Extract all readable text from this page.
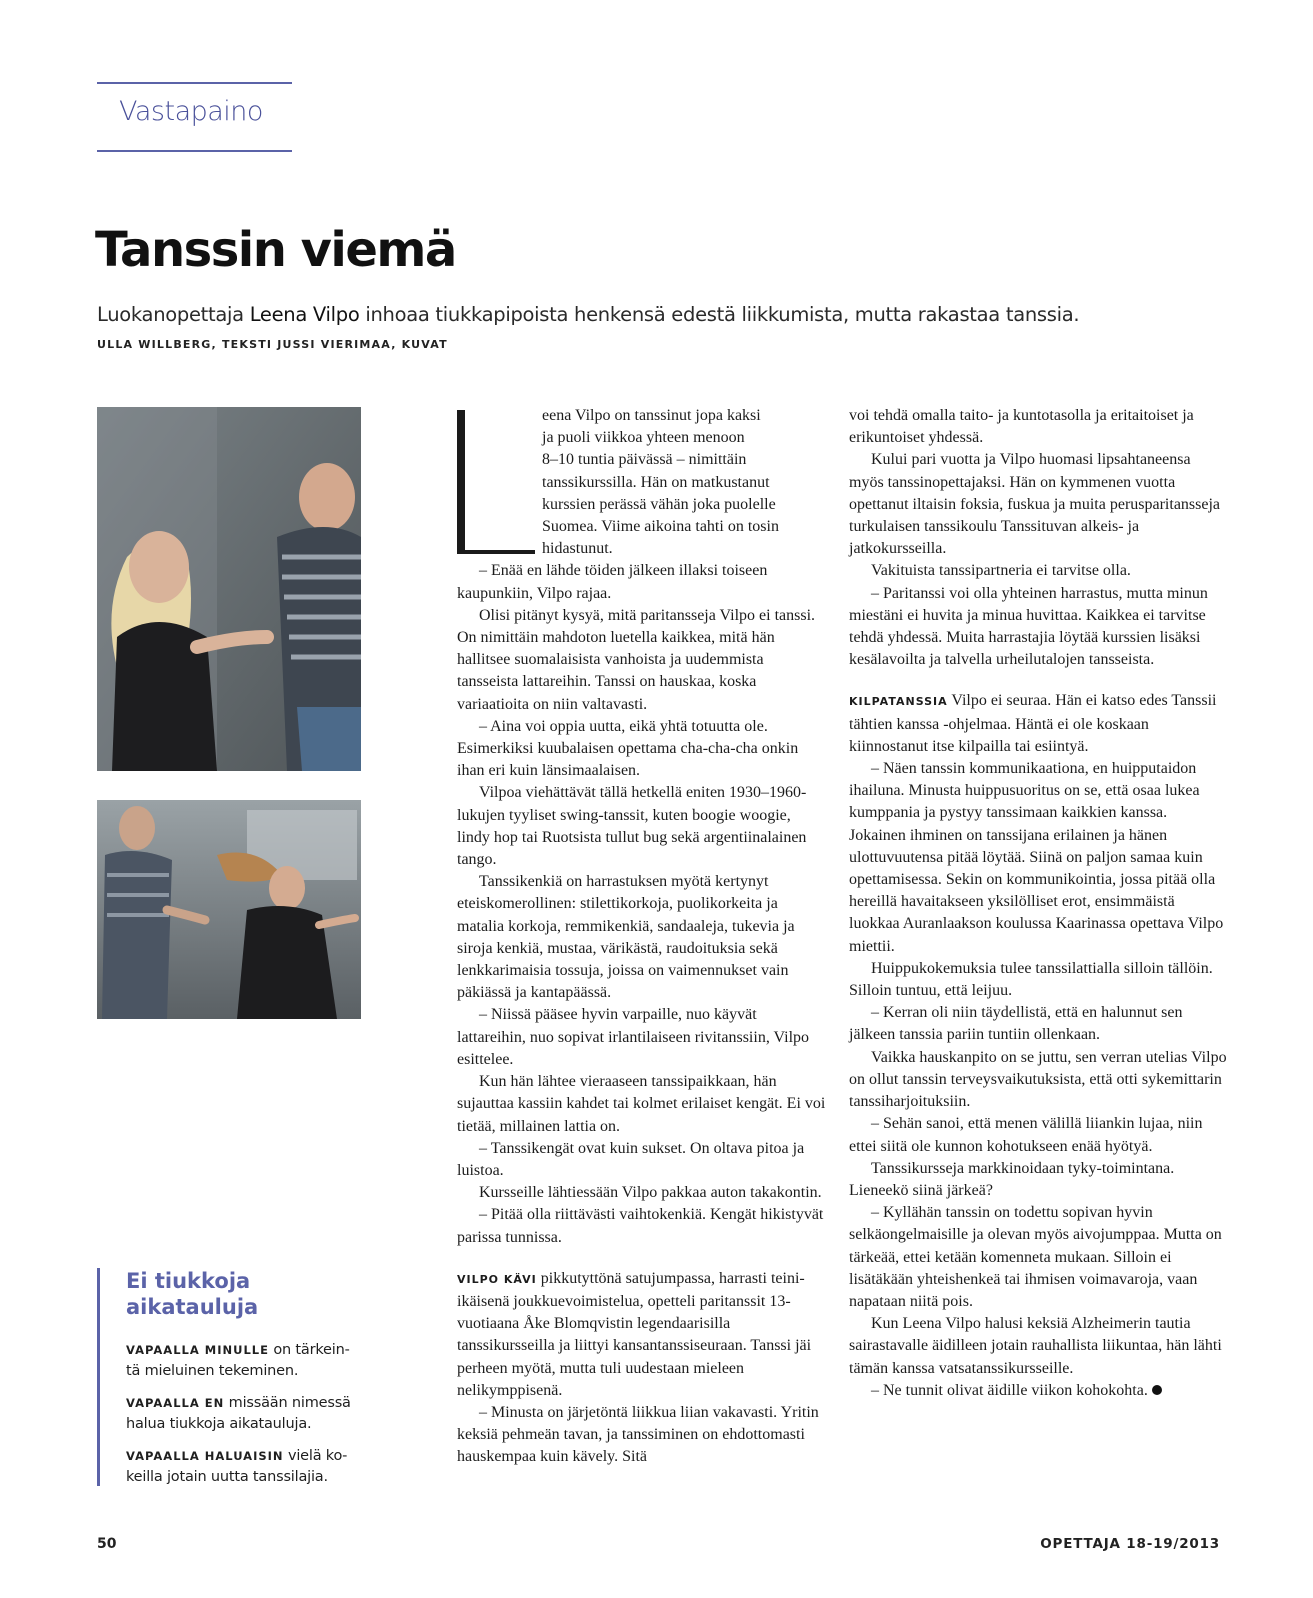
Vastapaino
Tanssin viemä
Luokanopettaja Leena Vilpo inhoaa tiukkapipoista henkensä edestä liikkumista, mutta rakastaa tanssia.
ULLA WILLBERG, TEKSTI JUSSI VIERIMAA, KUVAT
Ei tiukkoja aikatauluja

VAPAALLA MINULLE on tärkeintä mieluinen tekeminen.

VAPAALLA EN missään nimessä halua tiukkoja aikatauluja.

VAPAALLA HALUAISIN vielä kokeilla jotain uutta tanssilajia.

eena Vilpo on tanssinut jopa kaksi
ja puoli viikkoa yhteen menoon
8–10 tuntia päivässä – nimittäin
tanssikurssilla. Hän on matkustanut
kurssien perässä vähän joka puolelle
Suomea. Viime aikoina tahti on tosin
hidastunut.

– Enää en lähde töiden jälkeen illaksi toiseen kaupunkiin, Vilpo rajaa.

Olisi pitänyt kysyä, mitä paritansseja Vilpo ei tanssi. On nimittäin mahdoton luetella kaikkea, mitä hän hallitsee suomalaisista vanhoista ja uudemmista tansseista lattareihin. Tanssi on hauskaa, koska variaatioita on niin valtavasti.

– Aina voi oppia uutta, eikä yhtä totuutta ole. Esimerkiksi kuubalaisen opettama cha-cha-cha onkin ihan eri kuin länsimaalaisen.

Vilpoa viehättävät tällä hetkellä eniten 1930–1960-lukujen tyyliset swing-tanssit, kuten boogie woogie, lindy hop tai Ruotsista tullut bug sekä argentiinalainen tango.

Tanssikenkiä on harrastuksen myötä kertynyt eteiskomerollinen: stilettikorkoja, puolikorkeita ja matalia korkoja, remmikenkiä, sandaaleja, tukevia ja siroja kenkiä, mustaa, värikästä, raudoituksia sekä lenkkarimaisia tossuja, joissa on vaimennukset vain päkiässä ja kantapäässä.

– Niissä pääsee hyvin varpaille, nuo käyvät lattareihin, nuo sopivat irlantilaiseen rivitanssiin, Vilpo esittelee.

Kun hän lähtee vieraaseen tanssipaikkaan, hän sujauttaa kassiin kahdet tai kolmet erilaiset kengät. Ei voi tietää, millainen lattia on.

– Tanssikengät ovat kuin sukset. On oltava pitoa ja luistoa.

Kursseille lähtiessään Vilpo pakkaa auton takakontin.

– Pitää olla riittävästi vaihtokenkiä. Kengät hikistyvät parissa tunnissa.

VILPO KÄVI pikkutyttönä satujumpassa, harrasti teini-ikäisenä joukkuevoimistelua, opetteli paritanssit 13-vuotiaana Åke Blomqvistin legendaarisilla tanssikursseilla ja liittyi kansantanssiseuraan. Tanssi jäi perheen myötä, mutta tuli uudestaan mieleen nelikymppisenä.

– Minusta on järjetöntä liikkua liian vakavasti. Yritin keksiä pehmeän tavan, ja tanssiminen on ehdottomasti hauskempaa kuin kävely. Sitä

voi tehdä omalla taito- ja kuntotasolla ja eritaitoiset ja erikuntoiset yhdessä.

Kului pari vuotta ja Vilpo huomasi lipsahtaneensa myös tanssinopettajaksi. Hän on kymmenen vuotta opettanut iltaisin foksia, fuskua ja muita perusparitansseja turkulaisen tanssikoulu Tanssituvan alkeis- ja jatkokursseilla.

Vakituista tanssipartneria ei tarvitse olla.

– Paritanssi voi olla yhteinen harrastus, mutta minun miestäni ei huvita ja minua huvittaa. Kaikkea ei tarvitse tehdä yhdessä. Muita harrastajia löytää kurssien lisäksi kesälavoilta ja talvella urheilutalojen tansseista.

KILPATANSSIA Vilpo ei seuraa. Hän ei katso edes Tanssii tähtien kanssa -ohjelmaa. Häntä ei ole koskaan kiinnostanut itse kilpailla tai esiintyä.

– Näen tanssin kommunikaationa, en huipputaidon ihailuna. Minusta huippusuoritus on se, että osaa lukea kumppania ja pystyy tanssimaan kaikkien kanssa. Jokainen ihminen on tanssijana erilainen ja hänen ulottuvuutensa pitää löytää. Siinä on paljon samaa kuin opettamisessa. Sekin on kommunikointia, jossa pitää olla hereillä havaitakseen yksilölliset erot, ensimmäistä luokkaa Auranlaakson koulussa Kaarinassa opettava Vilpo miettii.

Huippukokemuksia tulee tanssilattialla silloin tällöin. Silloin tuntuu, että leijuu.

– Kerran oli niin täydellistä, että en halunnut sen jälkeen tanssia pariin tuntiin ollenkaan.

Vaikka hauskanpito on se juttu, sen verran utelias Vilpo on ollut tanssin terveysvaikutuksista, että otti sykemittarin tanssiharjoituksiin.

– Sehän sanoi, että menen välillä liiankin lujaa, niin ettei siitä ole kunnon kohotukseen enää hyötyä.

Tanssikursseja markkinoidaan tyky-toimintana. Lieneekö siinä järkeä?

– Kyllähän tanssin on todettu sopivan hyvin selkäongelmaisille ja olevan myös aivojumppaa. Mutta on tärkeää, ettei ketään komenneta mukaan. Silloin ei lisätäkään yhteishenkeä tai ihmisen voimavaroja, vaan napataan niitä pois.

Kun Leena Vilpo halusi keksiä Alzheimerin tautia sairastavalle äidilleen jotain rauhallista liikuntaa, hän lähti tämän kanssa vatsatanssikursseille.

– Ne tunnit olivat äidille viikon kohokohta.

50	OPETTAJA 18-19/2013
